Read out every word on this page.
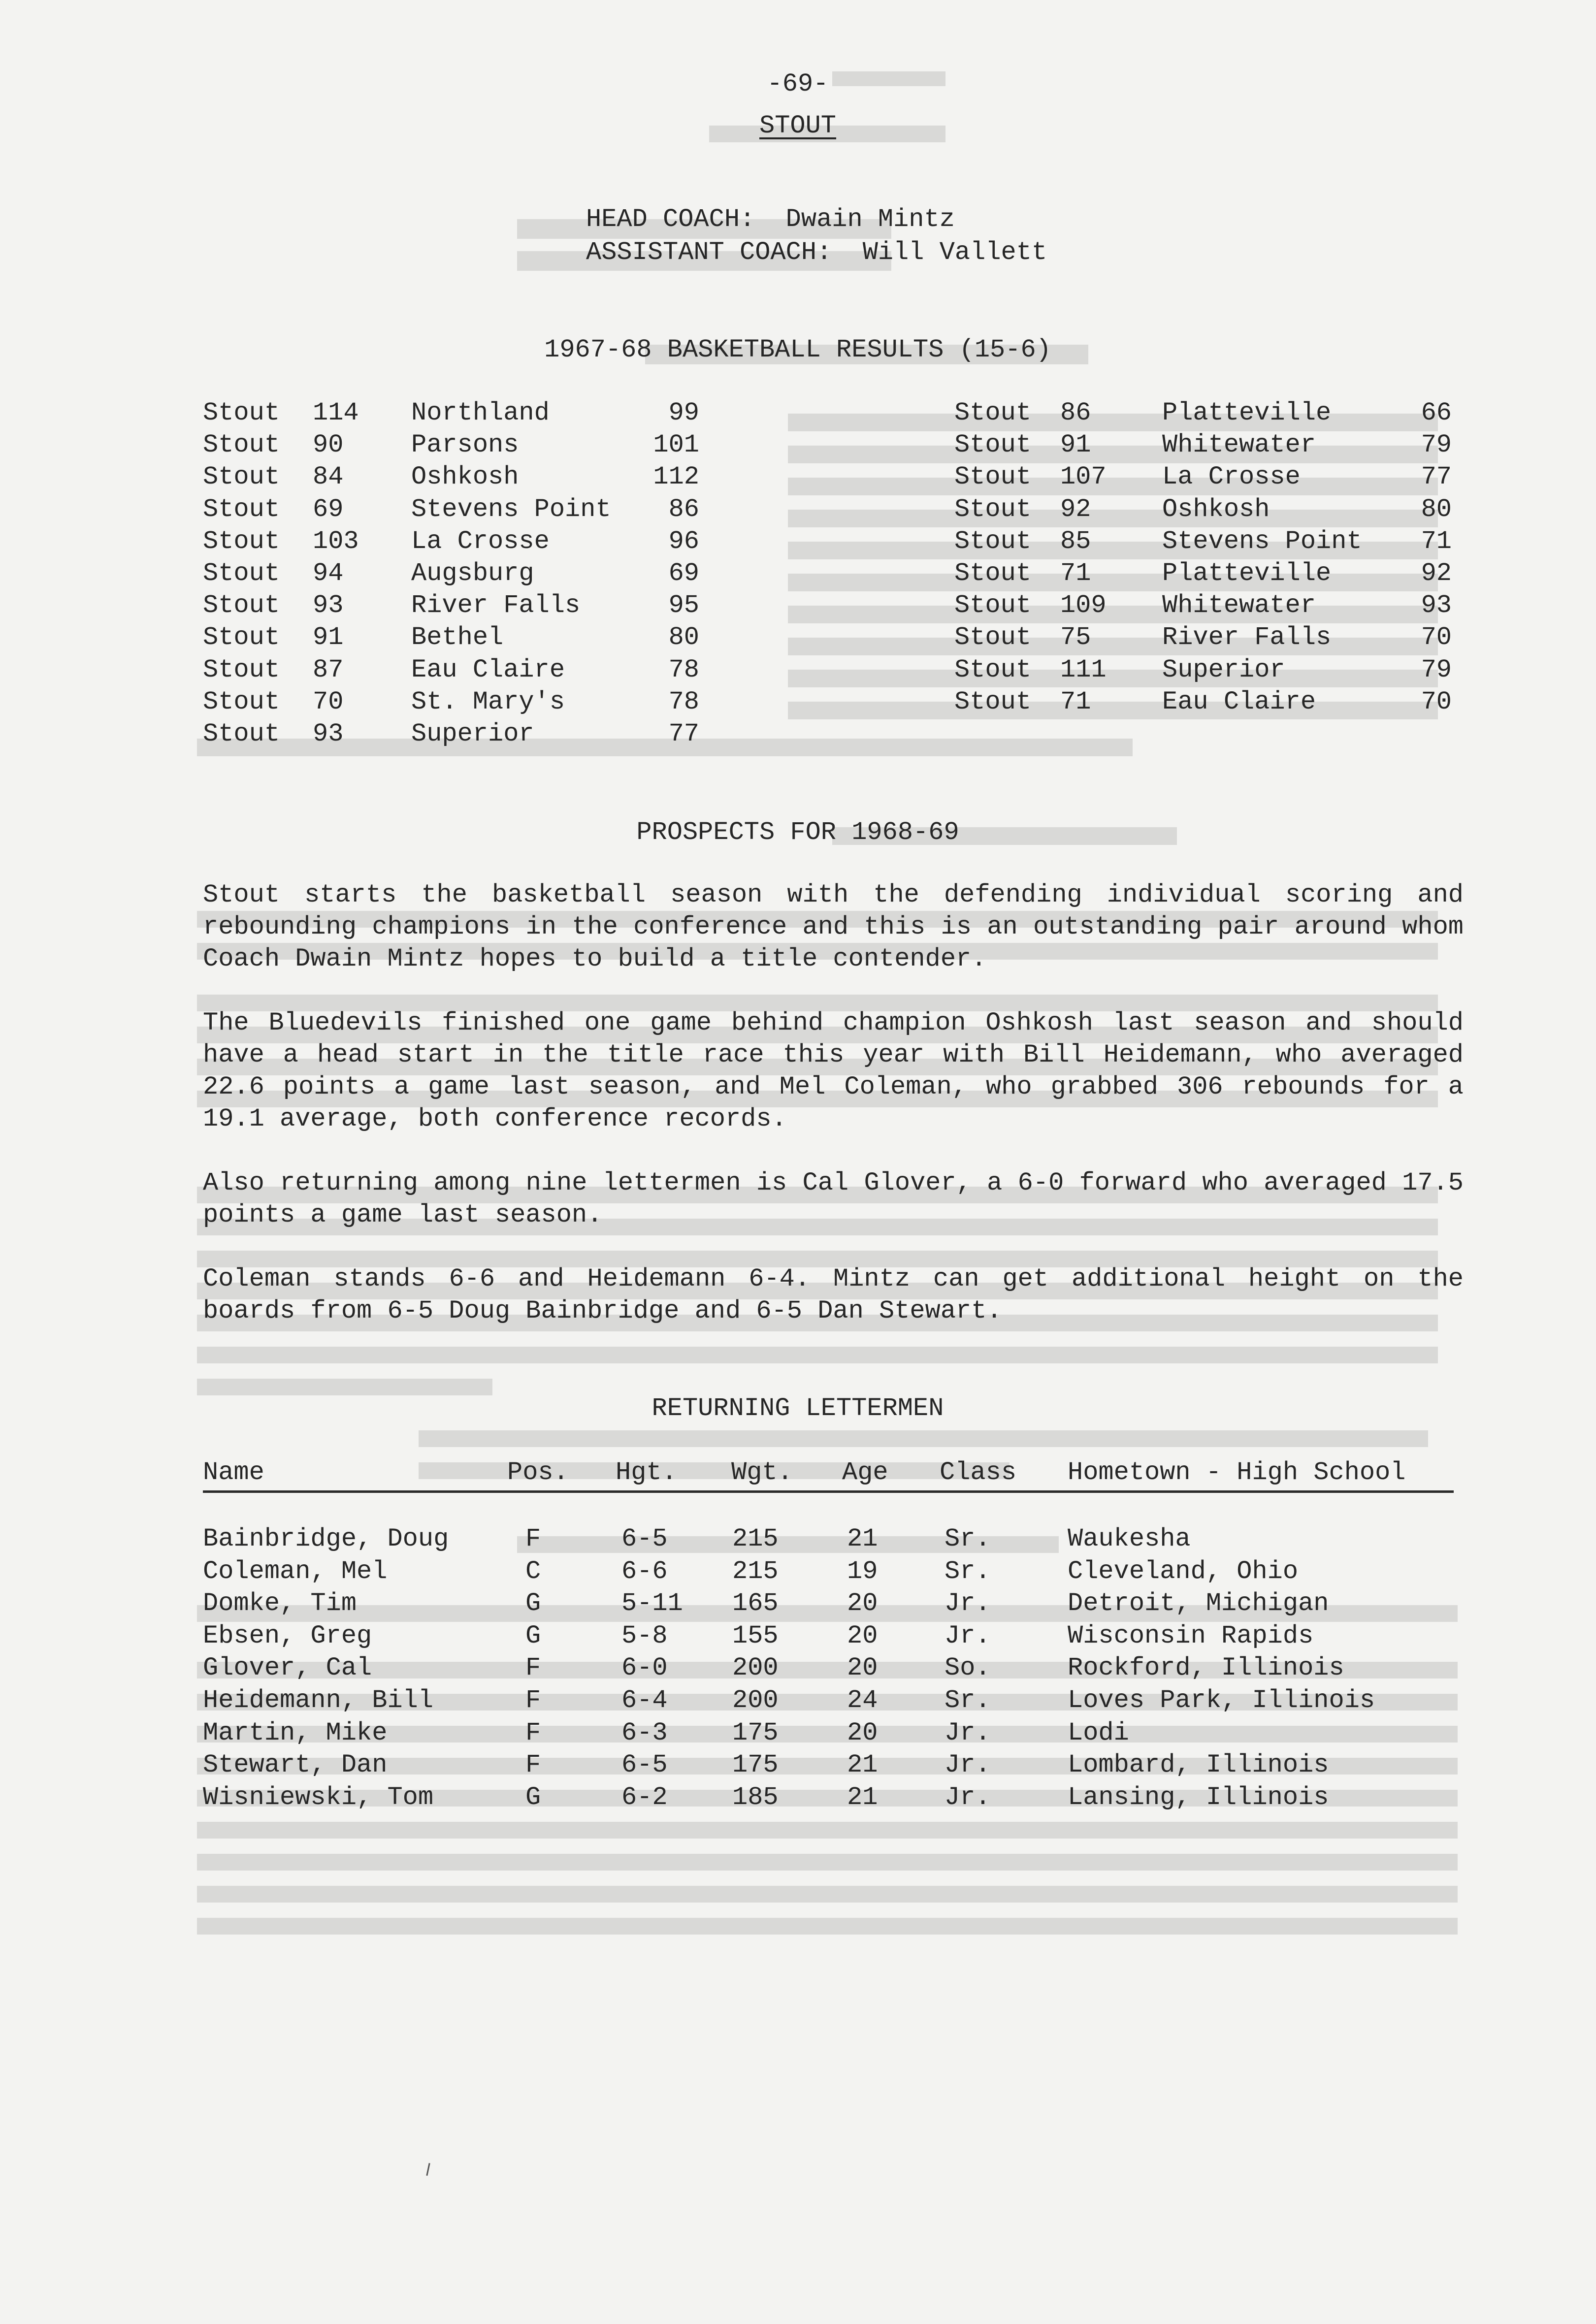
-69-
STOUT
HEAD COACH:  Dwain Mintz
ASSISTANT COACH:  Will Vallett
1967-68 BASKETBALL RESULTS (15-6)
Stout 114 Northland	99
Stout 90	Parsons	101
Stout 84	Oshkosh	112
Stout 69	Stevens Point	86
Stout 103 La Crosse	96
Stout 94	Augsburg	69
Stout 93	River Falls	95
Stout 91	Bethel	80
Stout 87	Eau Claire	78
Stout 70	St. Mary's	78
Stout 93	Superior	77
Stout 86	Platteville	66
Stout 91	Whitewater	79
Stout 107 La Crosse	77
Stout 92	Oshkosh	80
Stout 85	Stevens Point	71
Stout 71	Platteville	92
Stout 109 Whitewater	93
Stout 75	River Falls	70
Stout 111 Superior	79
Stout 71	Eau Claire	70
PROSPECTS FOR 1968-69
Stout starts the basketball season with the defending individual scoring and rebounding champions in the conference and this is an outstanding pair around whom Coach Dwain Mintz hopes to build a title contender.
The Bluedevils finished one game behind champion Oshkosh last season and should have a head start in the title race this year with Bill Heidemann, who averaged 22.6 points a game last season, and Mel Coleman, who grabbed 306 rebounds for a 19.1 average, both conference records.
Also returning among nine lettermen is Cal Glover, a 6-0 forward who averaged 17.5 points a game last season.
Coleman stands 6-6 and Heidemann 6-4. Mintz can get additional height on the boards from 6-5 Doug Bainbridge and 6-5 Dan Stewart.
RETURNING LETTERMEN
Name	Pos. Hgt. Wgt. Age Class Hometown - High School
Bainbridge, Doug	F	6-5	215	21	Sr.	Waukesha
Coleman, Mel	C	6-6	215	19	Sr.	Cleveland, Ohio
Domke, Tim	G	5-11 165	20	Jr.	Detroit, Michigan
Ebsen, Greg	G	5-8	155	20	Jr.	Wisconsin Rapids
Glover, Cal	F	6-0	200	20	So.	Rockford, Illinois
Heidemann, Bill	F	6-4	200	24	Sr.	Loves Park, Illinois
Martin, Mike	F	6-3	175	20	Jr.	Lodi
Stewart, Dan	F	6-5	175	21	Jr.	Lombard, Illinois
Wisniewski, Tom	G	6-2	185	21	Jr.	Lansing, Illinois
